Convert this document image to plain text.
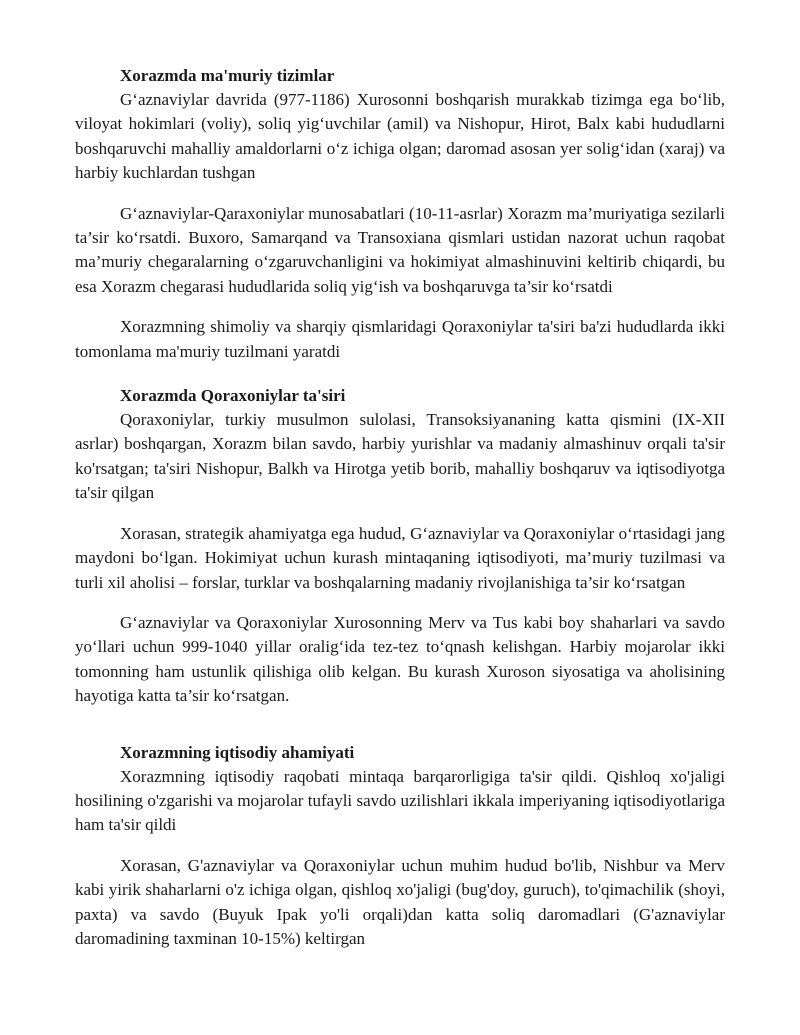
Xorazmda ma'muriy tizimlar

G‘aznaviylar davrida (977-1186) Xurosonni boshqarish murakkab tizimga ega bo‘lib, viloyat hokimlari (voliy), soliq yig‘uvchilar (amil) va Nishopur, Hirot, Balx kabi hududlarni boshqaruvchi mahalliy amaldorlarni o‘z ichiga olgan; daromad asosan yer solig‘idan (xaraj) va harbiy kuchlardan tushgan

G‘aznaviylar-Qaraxoniylar munosabatlari (10-11-asrlar) Xorazm ma’muriyatiga sezilarli ta’sir ko‘rsatdi. Buxoro, Samarqand va Transoxiana qismlari ustidan nazorat uchun raqobat ma’muriy chegaralarning o‘zgaruvchanligini va hokimiyat almashinuvini keltirib chiqardi, bu esa Xorazm chegarasi hududlarida soliq yig‘ish va boshqaruvga ta’sir ko‘rsatdi

Xorazmning shimoliy va sharqiy qismlaridagi Qoraxoniylar ta'siri ba'zi hududlarda ikki tomonlama ma'muriy tuzilmani yaratdi

Xorazmda Qoraxoniylar ta'siri

Qoraxoniylar, turkiy musulmon sulolasi, Transoksiyananing katta qismini (IX-XII asrlar) boshqargan, Xorazm bilan savdo, harbiy yurishlar va madaniy almashinuv orqali ta'sir ko'rsatgan; ta'siri Nishopur, Balkh va Hirotga yetib borib, mahalliy boshqaruv va iqtisodiyotga ta'sir qilgan

Xorasan, strategik ahamiyatga ega hudud, G‘aznaviylar va Qoraxoniylar o‘rtasidagi jang maydoni bo‘lgan. Hokimiyat uchun kurash mintaqaning iqtisodiyoti, ma’muriy tuzilmasi va turli xil aholisi – forslar, turklar va boshqalarning madaniy rivojlanishiga ta’sir ko‘rsatgan

G‘aznaviylar va Qoraxoniylar Xurosonning Merv va Tus kabi boy shaharlari va savdo yo‘llari uchun 999-1040 yillar oralig‘ida tez-tez to‘qnash kelishgan. Harbiy mojarolar ikki tomonning ham ustunlik qilishiga olib kelgan. Bu kurash Xuroson siyosatiga va aholisining hayotiga katta ta’sir ko‘rsatgan.

Xorazmning iqtisodiy ahamiyati

Xorazmning iqtisodiy raqobati mintaqa barqarorligiga ta'sir qildi. Qishloq xo'jaligi hosilining o'zgarishi va mojarolar tufayli savdo uzilishlari ikkala imperiyaning iqtisodiyotlariga ham ta'sir qildi

Xorasan, G'aznaviylar va Qoraxoniylar uchun muhim hudud bo'lib, Nishbur va Merv kabi yirik shaharlarni o'z ichiga olgan, qishloq xo'jaligi (bug'doy, guruch), to'qimachilik (shoyi, paxta) va savdo (Buyuk Ipak yo'li orqali)dan katta soliq daromadlari (G'aznaviylar daromadining taxminan 10-15%) keltirgan
